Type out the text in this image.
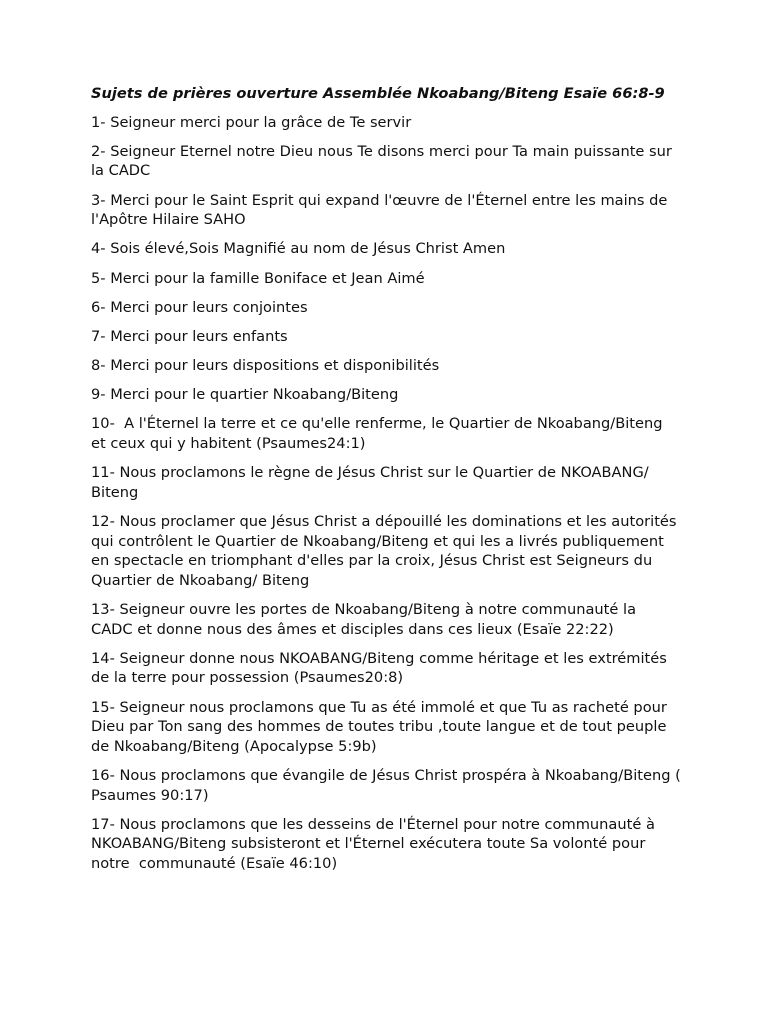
Sujets de prières ouverture Assemblée Nkoabang/Biteng Esaïe 66:8-9
1- Seigneur merci pour la grâce de Te servir
2- Seigneur Eternel notre Dieu nous Te disons merci pour Ta main puissante sur la CADC
3- Merci pour le Saint Esprit qui expand l'œuvre de l'Éternel entre les mains de l'Apôtre Hilaire SAHO
4- Sois élevé,Sois Magnifié au nom de Jésus Christ Amen
5- Merci pour la famille Boniface et Jean Aimé
6- Merci pour leurs conjointes
7- Merci pour leurs enfants
8- Merci pour leurs dispositions et disponibilités
9- Merci pour le quartier Nkoabang/Biteng
10-  A l'Éternel la terre et ce qu'elle renferme, le Quartier de Nkoabang/Biteng et ceux qui y habitent (Psaumes24:1)
11- Nous proclamons le règne de Jésus Christ sur le Quartier de NKOABANG/ Biteng
12- Nous proclamer que Jésus Christ a dépouillé les dominations et les autorités qui contrôlent le Quartier de Nkoabang/Biteng et qui les a livrés publiquement en spectacle en triomphant d'elles par la croix, Jésus Christ est Seigneurs du Quartier de Nkoabang/ Biteng
13- Seigneur ouvre les portes de Nkoabang/Biteng à notre communauté la CADC et donne nous des âmes et disciples dans ces lieux (Esaïe 22:22)
14- Seigneur donne nous NKOABANG/Biteng comme héritage et les extrémités de la terre pour possession (Psaumes20:8)
15- Seigneur nous proclamons que Tu as été immolé et que Tu as racheté pour Dieu par Ton sang des hommes de toutes tribu ,toute langue et de tout peuple de Nkoabang/Biteng (Apocalypse 5:9b)
16- Nous proclamons que évangile de Jésus Christ prospéra à Nkoabang/Biteng ( Psaumes 90:17)
17- Nous proclamons que les desseins de l'Éternel pour notre communauté à NKOABANG/Biteng subsisteront et l'Éternel exécutera toute Sa volonté pour notre  communauté (Esaïe 46:10)
